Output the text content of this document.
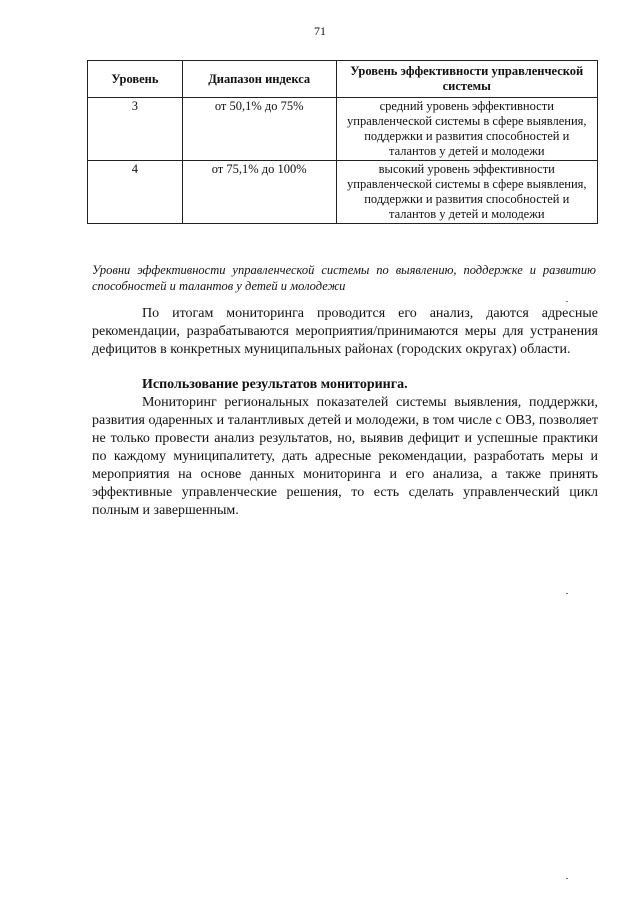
71
Уровень	Диапазон индекса	Уровень эффективности управленческой системы
3	от 50,1% до 75%	средний уровень эффективности управленческой системы в сфере выявления, поддержки и развития способностей и талантов у детей и молодежи
4	от 75,1% до 100%	высокий уровень эффективности управленческой системы в сфере выявления, поддержки и развития способностей и талантов у детей и молодежи
Уровни эффективности управленческой системы по выявлению, поддержке и развитию способностей и талантов у детей и молодежи

По итогам мониторинга проводится его анализ, даются адресные рекомендации, разрабатываются мероприятия/принимаются меры для устранения дефицитов в конкретных муниципальных районах (городских округах) области.

Использование результатов мониторинга.

Мониторинг региональных показателей системы выявления, поддержки, развития одаренных и талантливых детей и молодежи, в том числе с ОВЗ, позволяет не только провести анализ результатов, но, выявив дефицит и успешные практики по каждому муниципалитету, дать адресные рекомендации, разработать меры и мероприятия на основе данных мониторинга и его анализа, а также принять эффективные управленческие решения, то есть сделать управленческий цикл полным и завершенным.
